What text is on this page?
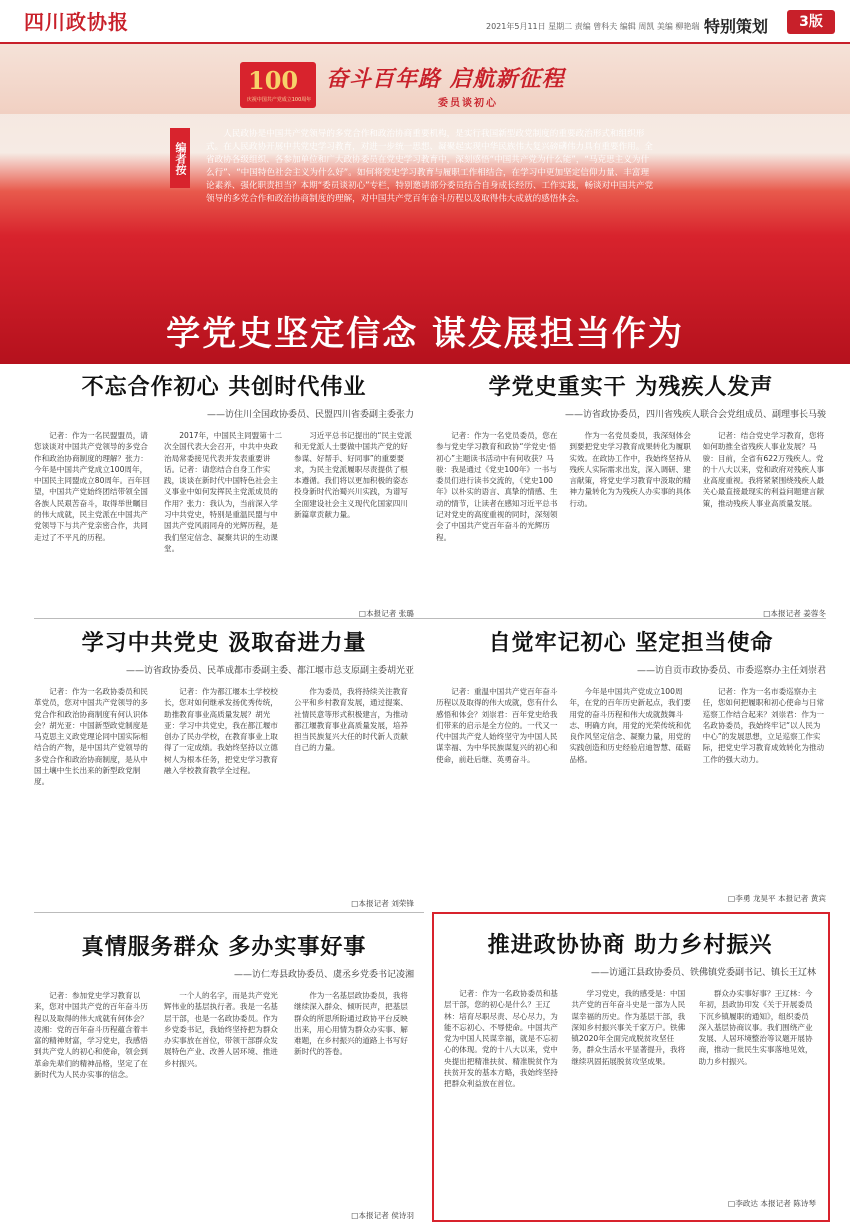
四川政协报	2021年5月11日 星期二 责编 曾科夫 编辑 周凯 美编 柳艳瑞 特别策划	3版
100
庆祝中国共产党成立100周年
奋斗百年路 启航新征程
委员谈初心
编者按
人民政协是中国共产党领导的多党合作和政治协商重要机构，是实行我国新型政党制度的重要政治形式和组织形式。在人民政协开展中共党史学习教育，对进一步统一思想、凝聚起实现中华民族伟大复兴磅礴伟力具有重要作用。全省政协各级组织、各参加单位和广大政协委员在党史学习教育中，深刻感悟“中国共产党为什么能”，“马克思主义为什么行”、“中国特色社会主义为什么好”。如何将党史学习教育与履职工作相结合，在学习中更加坚定信仰力量、丰富理论素养、强化职责担当？本期“委员谈初心”专栏，特别邀请部分委员结合自身成长经历、工作实践，畅谈对中国共产党领导的多党合作和政治协商制度的理解，对中国共产党百年奋斗历程以及取得伟大成就的感悟体会。
学党史坚定信念 谋发展担当作为
不忘合作初心 共创时代伟业
——访住川全国政协委员、民盟四川省委副主委张力

记者：作为一名民盟盟员，请您谈谈对中国共产党领导的多党合作和政治协商制度的理解？张力：今年是中国共产党成立100周年，中国民主同盟成立80周年。百年回望，中国共产党始终团结带领全国各族人民艰苦奋斗，取得举世瞩目的伟大成就，民主党派在中国共产党领导下与共产党亲密合作，共同走过了不平凡的历程。

2017年，中国民主同盟第十二次全国代表大会召开，中共中央政治局常委接见代表并发表重要讲话。记者：请您结合自身工作实践，谈谈在新时代中国特色社会主义事业中如何发挥民主党派成员的作用？张力：我认为，当前深入学习中共党史，特别是重温民盟与中国共产党风雨同舟的光辉历程，是我们坚定信念、凝聚共识的生动课堂。

习近平总书记提出的“民主党派和无党派人士要做中国共产党的好参谋、好帮手、好同事”的重要要求，为民主党派履职尽责提供了根本遵循。我们将以更加积极的姿态投身新时代治蜀兴川实践，为谱写全面建设社会主义现代化国家四川新篇章贡献力量。

□本报记者 张璐
学党史重实干 为残疾人发声
——访省政协委员，四川省残疾人联合会党组成员、副理事长马骏

记者：作为一名党员委员，您在参与党史学习教育和政协“学党史·悟初心”主题读书活动中有何收获？马骏：我是通过《党史100年》一书与委员们进行读书交流的，《党史100年》以朴实的语言、真挚的情感、生动的情节，让读者在感知习近平总书记对党史的高度重视的同时，深刻领会了中国共产党百年奋斗的光辉历程。

作为一名党员委员，我深刻体会到要把党史学习教育成果转化为履职实效。在政协工作中，我始终坚持从残疾人实际需求出发，深入调研、建言献策，将党史学习教育中汲取的精神力量转化为为残疾人办实事的具体行动。

记者：结合党史学习教育，您将如何助推全省残疾人事业发展？马骏：目前，全省有622万残疾人。党的十八大以来，党和政府对残疾人事业高度重视。我将紧紧围绕残疾人最关心最直接最现实的利益问题建言献策，推动残疾人事业高质量发展。

□本报记者 姜蓉冬
学习中共党史 汲取奋进力量
——访省政协委员、民革成都市委副主委、都江堰市总支原副主委胡光亚

记者：作为一名政协委员和民革党员，您对中国共产党领导的多党合作和政治协商制度有何认识体会？胡光亚：中国新型政党制度是马克思主义政党理论同中国实际相结合的产物，是中国共产党领导的多党合作和政治协商制度，是从中国土壤中生长出来的新型政党制度。

记者：作为都江堰本土学校校长，您对如何继承发扬优秀传统，助推教育事业高质量发展？胡光亚：学习中共党史，我在都江堰市创办了民办学校，在教育事业上取得了一定成绩。我始终坚持以立德树人为根本任务，把党史学习教育融入学校教育教学全过程。

作为委员，我将持续关注教育公平和乡村教育发展，通过提案、社情民意等形式积极建言，为推动都江堰教育事业高质量发展，培养担当民族复兴大任的时代新人贡献自己的力量。

□本报记者 刘荣锋
自觉牢记初心 坚定担当使命
——访自贡市政协委员、市委巡察办主任刘崇君

记者：重温中国共产党百年奋斗历程以及取得的伟大成就，您有什么感悟和体会？刘崇君：百年党史给我们带来的启示是全方位的。一代又一代中国共产党人始终坚守为中国人民谋幸福、为中华民族谋复兴的初心和使命，前赴后继、英勇奋斗。

今年是中国共产党成立100周年，在党的百年历史新起点，我们要用党的奋斗历程和伟大成就鼓舞斗志、明确方向，用党的光荣传统和优良作风坚定信念、凝聚力量，用党的实践创造和历史经验启迪智慧、砥砺品格。

记者：作为一名市委巡察办主任，您如何把履职和初心使命与日常巡察工作结合起来？刘崇君：作为一名政协委员，我始终牢记“以人民为中心”的发展思想，立足巡察工作实际，把党史学习教育成效转化为推动工作的强大动力。

□李勇 龙昊平 本报记者 黄宾
真情服务群众 多办实事好事
——访仁寿县政协委员、虞丞乡党委书记凌湘

记者：参加党史学习教育以来，您对中国共产党的百年奋斗历程以及取得的伟大成就有何体会？凌湘：党的百年奋斗历程蕴含着丰富的精神财富，学习党史，我感悟到共产党人的初心和使命，领会到革命先辈们的精神品格，坚定了在新时代为人民办实事的信念。

一个人的名字，而是共产党光辉伟业的基层执行者。我是一名基层干部，也是一名政协委员。作为乡党委书记，我始终坚持把为群众办实事放在首位，带领干部群众发展特色产业、改善人居环境、推进乡村振兴。

作为一名基层政协委员，我将继续深入群众、倾听民声，把基层群众的所思所盼通过政协平台反映出来，用心用情为群众办实事、解难题，在乡村振兴的道路上书写好新时代的答卷。

□本报记者 侯诗羽
推进政协协商 助力乡村振兴
——访通江县政协委员、铁佛镇党委副书记、镇长王辽林

记者：作为一名政协委员和基层干部，您的初心是什么？王辽林：培育尽职尽责、尽心尽力，为能不忘初心、不辱使命。中国共产党为中国人民谋幸福，就是不忘初心的体现。党的十八大以来，党中央提出把精准扶贫、精准脱贫作为扶贫开发的基本方略，我始终坚持把群众利益放在首位。

学习党史，我的感受是：中国共产党的百年奋斗史是一部为人民谋幸福的历史。作为基层干部，我深知乡村振兴事关千家万户。铁佛镇2020年全面完成脱贫攻坚任务，群众生活水平显著提升，我将继续巩固拓展脱贫攻坚成果。

群众办实事好事？王辽林：今年初，县政协印发《关于开展委员下沉乡镇履职的通知》，组织委员深入基层协商议事。我们围绕产业发展、人居环境整治等议题开展协商，推动一批民生实事落地见效，助力乡村振兴。

□李政达 本报记者 陈诗琴
